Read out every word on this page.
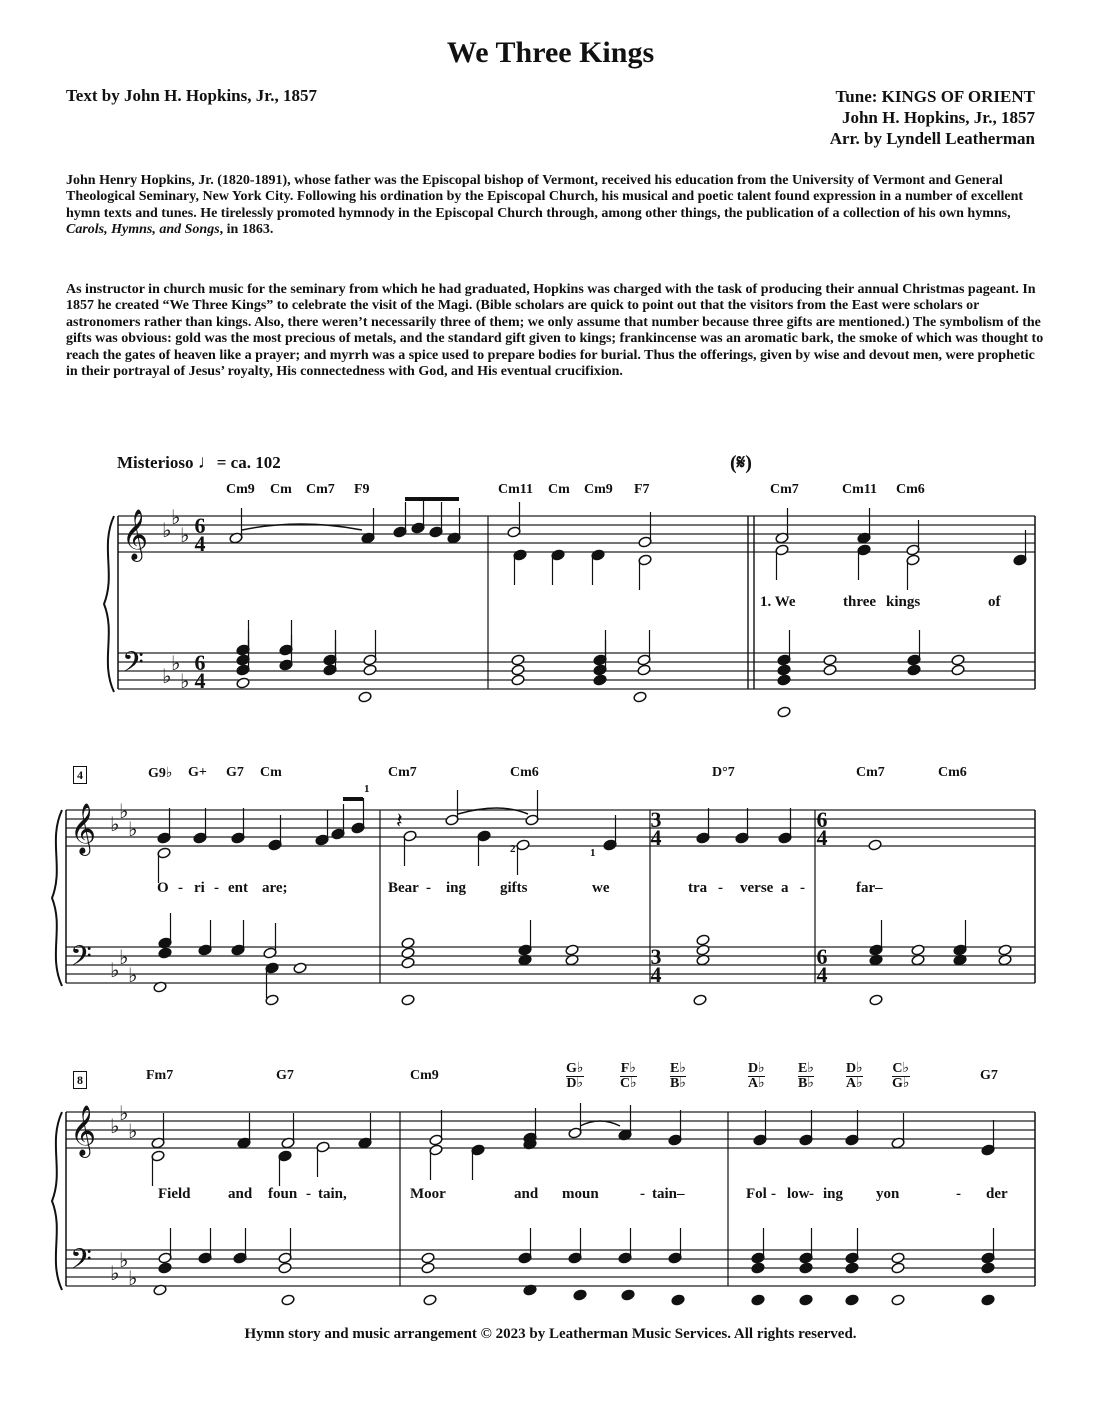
We Three Kings
Text by John H. Hopkins, Jr., 1857	Tune: KINGS OF ORIENT
John H. Hopkins, Jr., 1857
Arr. by Lyndell Leatherman
John Henry Hopkins, Jr. (1820-1891), whose father was the Episcopal bishop of Vermont, received his education from the University of Vermont and General Theological Seminary, New York City. Following his ordination by the Episcopal Church, his musical and poetic talent found expression in a number of excellent hymn texts and tunes. He tirelessly promoted hymnody in the Episcopal Church through, among other things, the publication of a collection of his own hymns, Carols, Hymns, and Songs, in 1863.
As instructor in church music for the seminary from which he had graduated, Hopkins was charged with the task of producing their annual Christmas pageant. In 1857 he created “We Three Kings” to celebrate the visit of the Magi. (Bible scholars are quick to point out that the visitors from the East were scholars or astronomers rather than kings. Also, there weren’t necessarily three of them; we only assume that number because three gifts are mentioned.) The symbolism of the gifts was obvious: gold was the most precious of metals, and the standard gift given to kings; frankincense was an aromatic bark, the smoke of which was thought to reach the gates of heaven like a prayer; and myrrh was a spice used to prepare bodies for burial. Thus the offerings, given by wise and devout men, were prophetic in their portrayal of Jesus’ royalty, His connectedness with God, and His eventual crucifixion.
Misterioso ♩= ca. 102	(𝄋)
𝄞
𝄢
𝄞
𝄢
𝄞
𝄢
♭
♭
♭
♭
♭
♭
♭
♭
♭
♭
♭
♭
♭
♭
♭
♭
♭
♭
6
4
6
4
3
4
3
4
6
4
6
4
𝄽
1
2	1
Cm9 Cm Cm7 F9	Cm11 Cm Cm9 F7	Cm7	Cm11 Cm6
G9♭ G+ G7 Cm	Cm7	Cm6	D°7	Cm7	Cm6
Fm7	G7	Cm9	G♭
D♭
F♭
C♭
E♭
B♭
D♭
A♭
E♭
B♭
D♭
A♭
C♭
G♭
G7
1. We	three kings	of
O - ri - ent are;	Bear - ing gifts	we	tra - verse a -	far–
Field	and foun - tain,	Moor	and moun	- tain–	Fol - low - ing yon	- der
4
8
Hymn story and music arrangement © 2023 by Leatherman Music Services. All rights reserved.
